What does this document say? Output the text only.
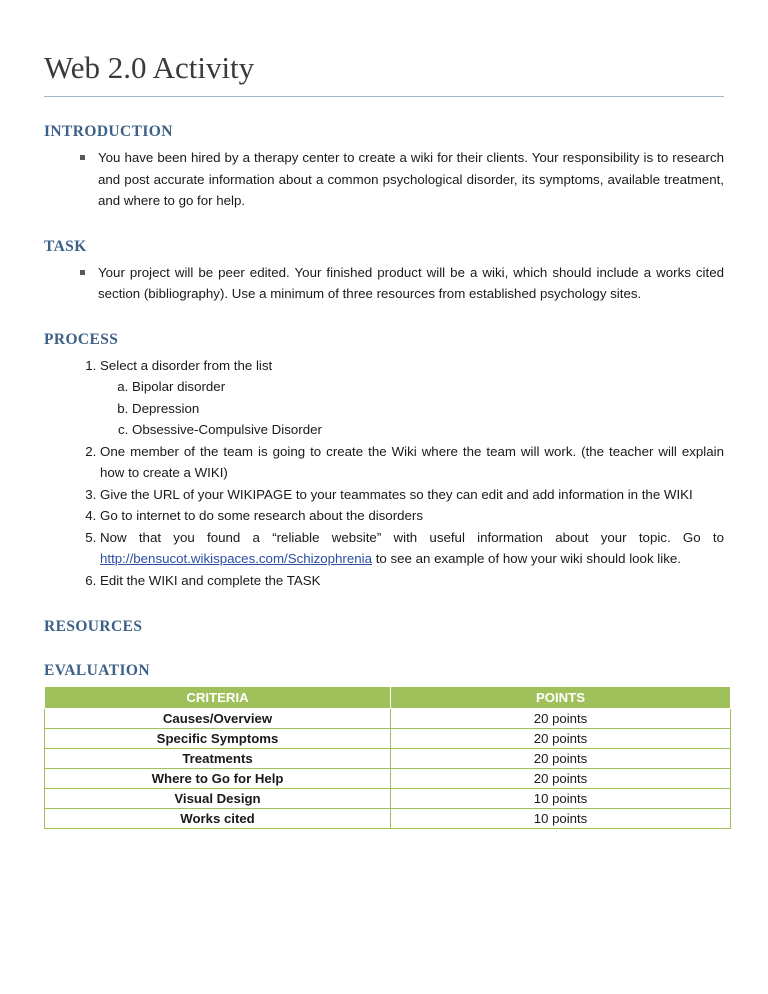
Web 2.0 Activity
INTRODUCTION
You have been hired by a therapy center to create a wiki for their clients. Your responsibility is to research and post accurate information about a common psychological disorder, its symptoms, available treatment, and where to go for help.
TASK
Your project will be peer edited. Your finished product will be a wiki, which should include a works cited section (bibliography). Use a minimum of three resources from established psychology sites.
PROCESS
1. Select a disorder from the list
a. Bipolar disorder
b. Depression
c. Obsessive-Compulsive Disorder
2. One member of the team is going to create the Wiki where the team will work. (the teacher will explain how to create a WIKI)
3. Give the URL of your WIKIPAGE to your teammates so they can edit and add information in the WIKI
4. Go to internet to do some research about the disorders
5. Now that you found a “reliable website” with useful information about your topic. Go to http://bensucot.wikispaces.com/Schizophrenia to see an example of how your wiki should look like.
6. Edit the WIKI and complete the TASK
RESOURCES
EVALUATION
CRITERIA	POINTS
Causes/Overview	20 points
Specific Symptoms	20 points
Treatments	20 points
Where to Go for Help	20 points
Visual Design	10 points
Works cited	10 points
